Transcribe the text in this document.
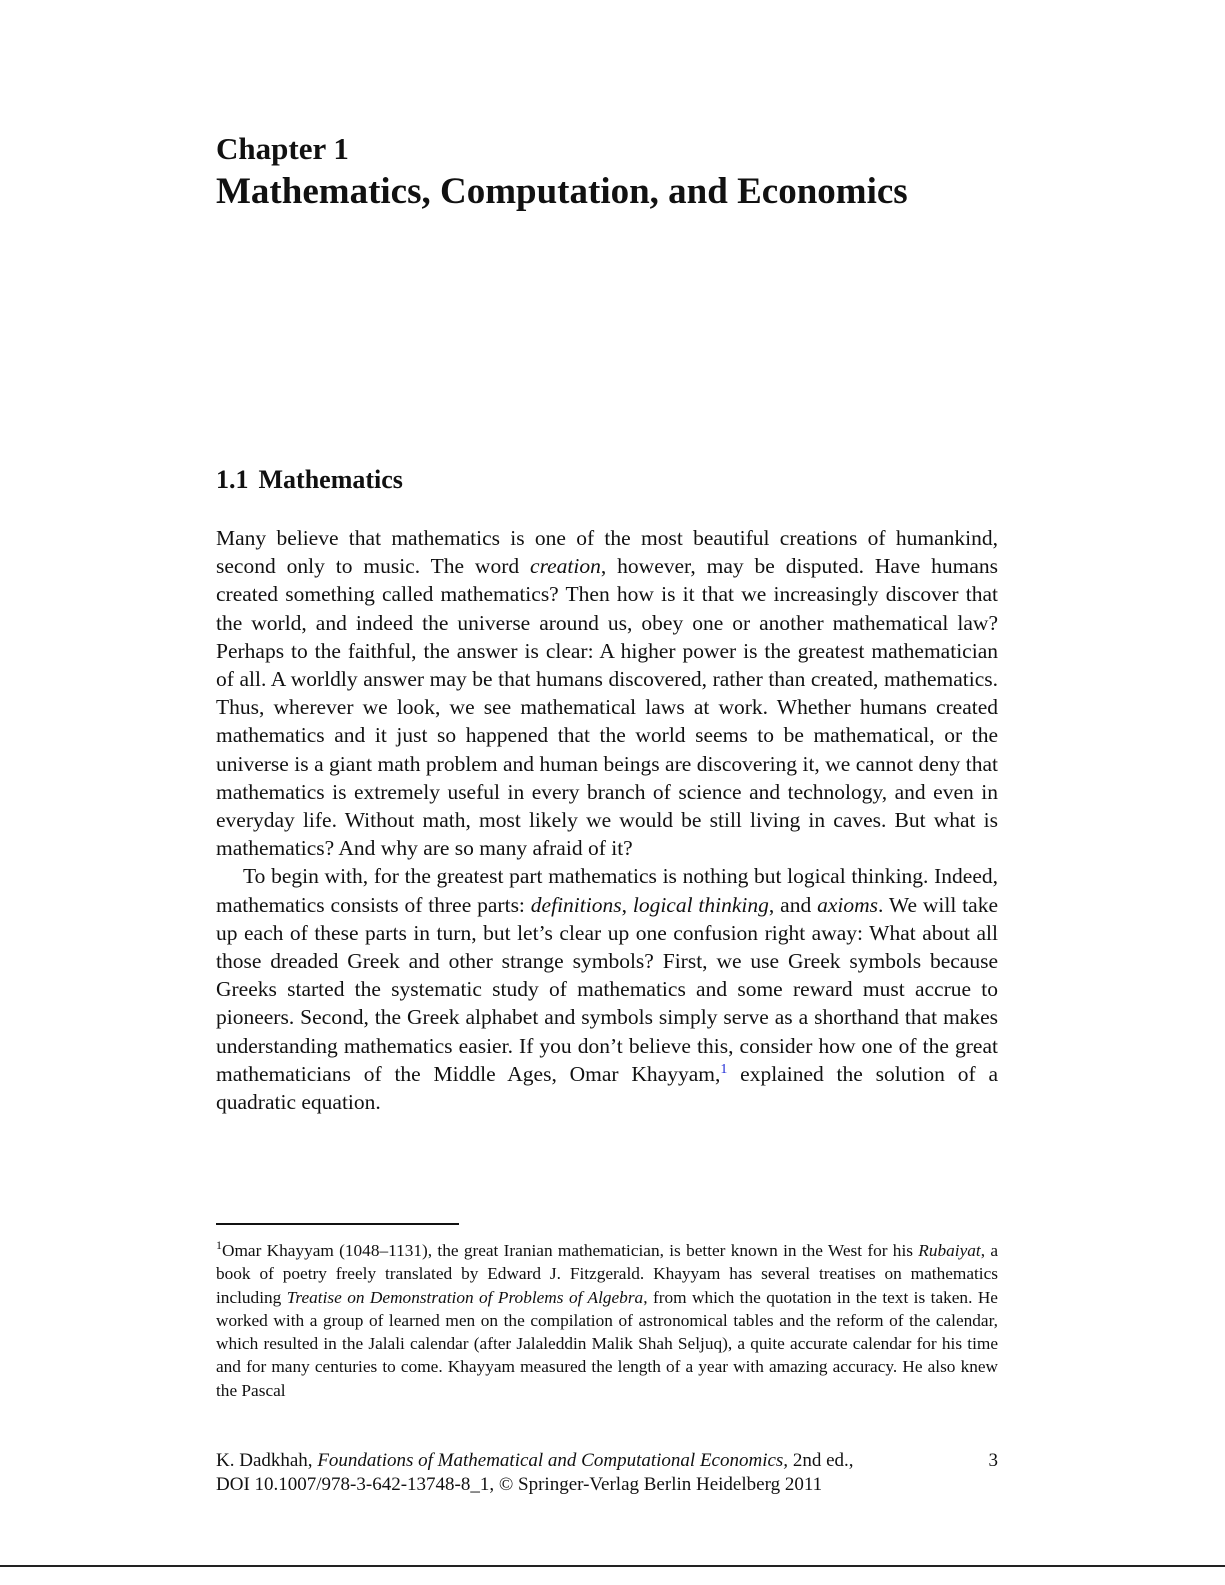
Chapter 1
Mathematics, Computation, and Economics
1.1 Mathematics

Many believe that mathematics is one of the most beautiful creations of humankind, second only to music. The word creation, however, may be disputed. Have humans created something called mathematics? Then how is it that we increasingly discover that the world, and indeed the universe around us, obey one or another mathematical law? Perhaps to the faithful, the answer is clear: A higher power is the greatest mathematician of all. A worldly answer may be that humans discovered, rather than created, mathematics. Thus, wherever we look, we see mathematical laws at work. Whether humans created mathematics and it just so happened that the world seems to be mathematical, or the universe is a giant math problem and human beings are discovering it, we cannot deny that mathematics is extremely useful in every branch of science and technology, and even in everyday life. Without math, most likely we would be still living in caves. But what is mathematics? And why are so many afraid of it?

To begin with, for the greatest part mathematics is nothing but logical thinking. Indeed, mathematics consists of three parts: definitions, logical thinking, and axioms. We will take up each of these parts in turn, but let’s clear up one confusion right away: What about all those dreaded Greek and other strange symbols? First, we use Greek symbols because Greeks started the systematic study of mathematics and some reward must accrue to pioneers. Second, the Greek alphabet and symbols simply serve as a shorthand that makes understanding mathematics easier. If you don’t believe this, consider how one of the great mathematicians of the Middle Ages, Omar Khayyam,$^1$ explained the solution of a quadratic equation.

$^1$Omar Khayyam (1048–1131), the great Iranian mathematician, is better known in the West for his Rubaiyat, a book of poetry freely translated by Edward J. Fitzgerald. Khayyam has several treatises on mathematics including Treatise on Demonstration of Problems of Algebra, from which the quotation in the text is taken. He worked with a group of learned men on the compilation of astronomical tables and the reform of the calendar, which resulted in the Jalali calendar (after Jalaleddin Malik Shah Seljuq), a quite accurate calendar for his time and for many centuries to come. Khayyam measured the length of a year with amazing accuracy. He also knew the Pascal

K. Dadkhah, Foundations of Mathematical and Computational Economics, 2nd ed.,
DOI 10.1007/978-3-642-13748-8_1, © Springer-Verlag Berlin Heidelberg 2011
3
